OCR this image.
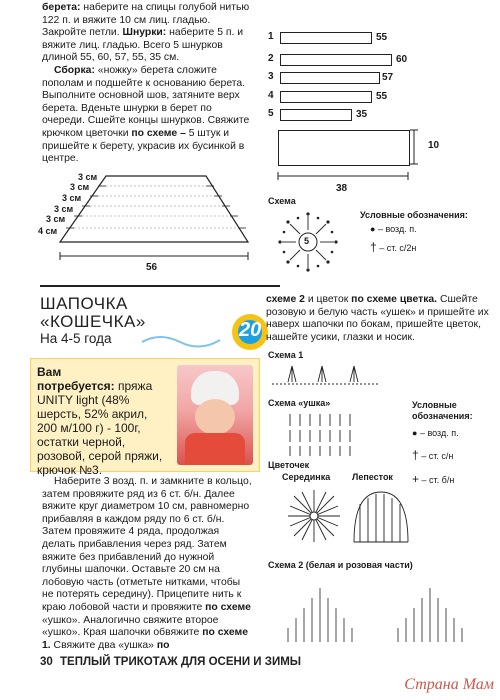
берета: наберите на спицы голубой нитью 122 п. и вяжите 10 см лиц. гладью. Закройте петли. Шнурки: наберите 5 п. и вяжите лиц. гладью. Всего 5 шнурков длиной 55, 60, 57, 55, 35 см.

Сборка: «ножку» берета сложите пополам и подшейте к основанию берета. Выполните основной шов, затяните верх берета. Вденьте шнурки в берет по очереди. Сшейте концы шнурков. Свяжите крючком цветочки по схеме – 5 штук и пришейте к берету, украсив их бусинкой в центре.

1	55
2	60
3	57
4	55
5	35
10
38
3 см
3 см
3 см
3 см
3 см
4 см
56
Схема
5
Условные обозначения:
● – возд. п.
† – ст. с/2н
ШАПОЧКА
«КОШЕЧКА»
На 4-5 года	20
Вам
потребуется: пряжа UNITY light (48% шерсть, 52% акрил, 200 м/100 г) - 100г, остатки черной, розовой, серой пряжи, крючок №3.

Наберите 3 возд. п. и замкните в кольцо, затем провяжите ряд из 6 ст. б/н. Далее вяжите круг диаметром 10 см, равномерно прибавляя в каждом ряду по 6 ст. б/н. Затем провяжите 4 ряда, продолжая делать прибавления через ряд. Затем вяжите без прибавлений до нужной глубины шапочки. Оставьте 20 см на лобовую часть (отметьте нитками, чтобы не потерять середину). Прицепите нить к краю лобовой части и провяжите по схеме «ушко». Аналогично свяжите второе «ушко». Края шапочки обвяжите по схеме 1. Свяжите два «ушка» по

схеме 2 и цветок по схеме цветка. Сшейте розовую и белую часть «ушек» и пришейте их наверх шапочки по бокам, пришейте цветок, нашейте усики, глазки и носик.

Схема 1
Схема «ушка»
Цветочек
Серединка Лепесток
Условные обозначения:
● – возд. п.
† – ст. с/н
+ – ст. б/н
Схема 2 (белая и розовая части)
30 ТЕПЛЫЙ ТРИКОТАЖ ДЛЯ ОСЕНИ И ЗИМЫ
Страна Мам
